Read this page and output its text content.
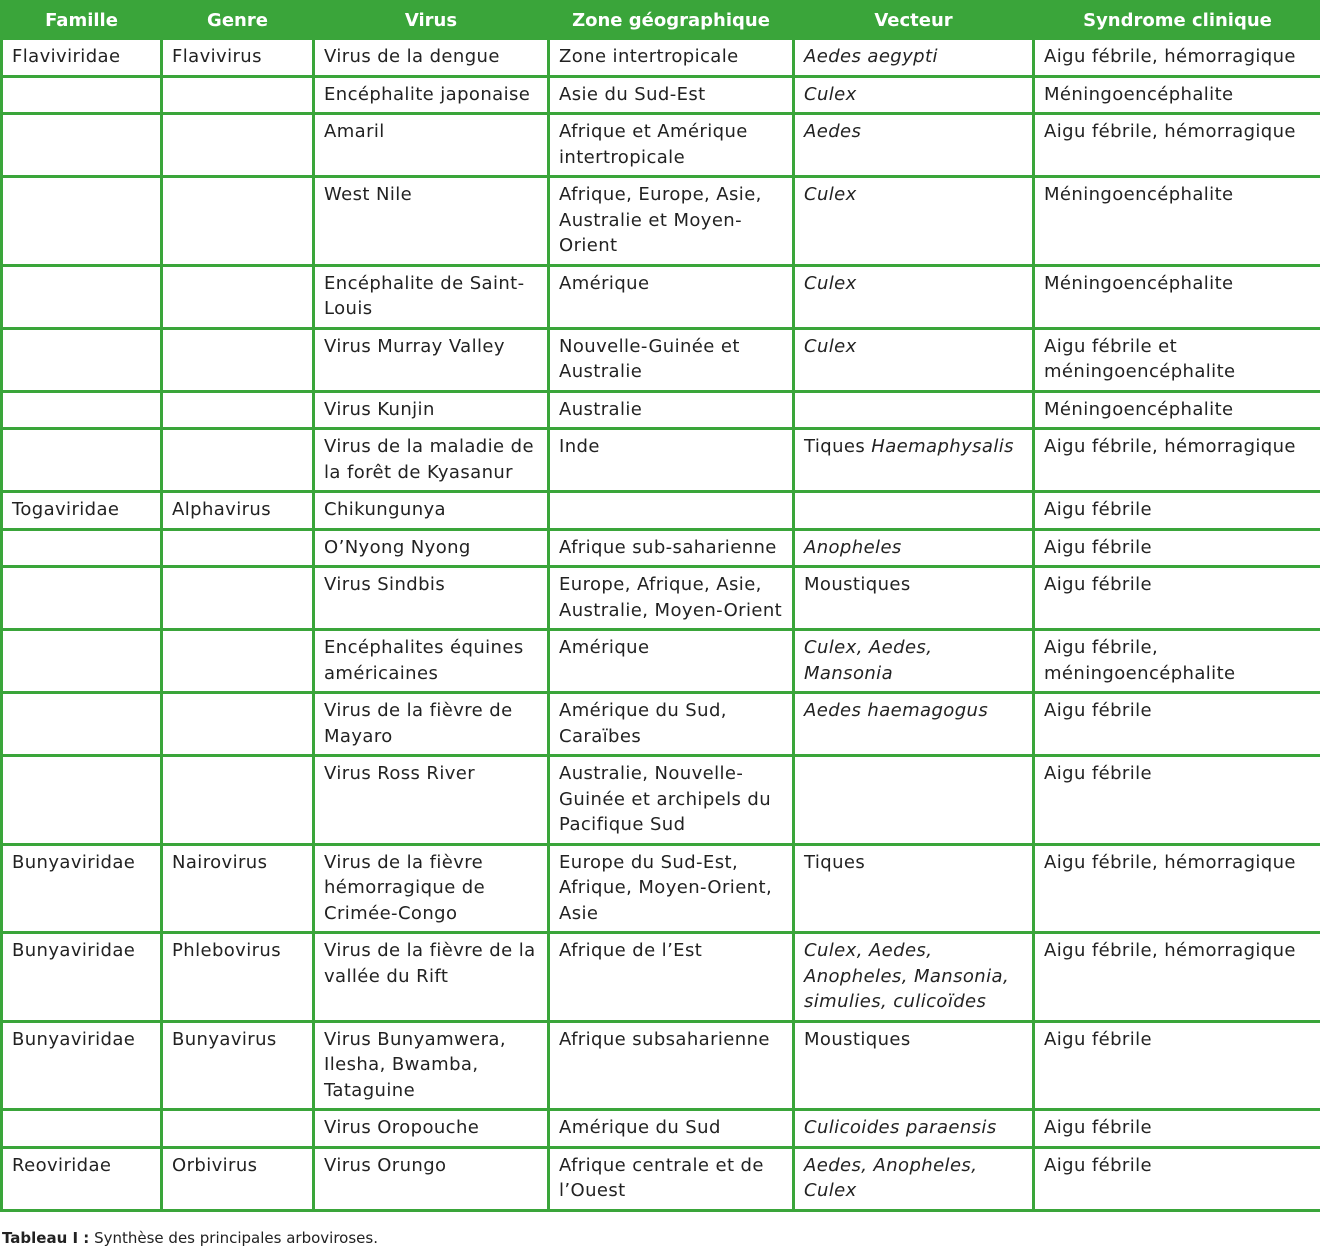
Famille	Genre	Virus	Zone géographique	Vecteur	Syndrome clinique
Flaviviridae	Flavivirus	Virus de la dengue	Zone intertropicale	Aedes aegypti	Aigu fébrile, hémorragique
		Encéphalite japonaise	Asie du Sud-Est	Culex	Méningoencéphalite
		Amaril	Afrique et Amérique intertropicale	Aedes	Aigu fébrile, hémorragique
		West Nile	Afrique, Europe, Asie, Australie et Moyen-Orient	Culex	Méningoencéphalite
		Encéphalite de Saint-Louis	Amérique	Culex	Méningoencéphalite
		Virus Murray Valley	Nouvelle-Guinée et Australie	Culex	Aigu fébrile et méningoencéphalite
		Virus Kunjin	Australie		Méningoencéphalite
		Virus de la maladie de la forêt de Kyasanur	Inde	Tiques Haemaphysalis	Aigu fébrile, hémorragique
Togaviridae	Alphavirus	Chikungunya			Aigu fébrile
		O’Nyong Nyong	Afrique sub-saharienne	Anopheles	Aigu fébrile
		Virus Sindbis	Europe, Afrique, Asie, Australie, Moyen-Orient	Moustiques	Aigu fébrile
		Encéphalites équines américaines	Amérique	Culex, Aedes, Mansonia	Aigu fébrile, méningoencéphalite
		Virus de la fièvre de Mayaro	Amérique du Sud, Caraïbes	Aedes haemagogus	Aigu fébrile
		Virus Ross River	Australie, Nouvelle-Guinée et archipels du Pacifique Sud		Aigu fébrile
Bunyaviridae	Nairovirus	Virus de la fièvre hémorragique de Crimée-Congo	Europe du Sud-Est, Afrique, Moyen-Orient, Asie	Tiques	Aigu fébrile, hémorragique
Bunyaviridae	Phlebovirus	Virus de la fièvre de la vallée du Rift	Afrique de l’Est	Culex, Aedes, Anopheles, Mansonia, simulies, culicoïdes	Aigu fébrile, hémorragique
Bunyaviridae	Bunyavirus	Virus Bunyamwera, Ilesha, Bwamba, Tataguine	Afrique subsaharienne	Moustiques	Aigu fébrile
		Virus Oropouche	Amérique du Sud	Culicoides paraensis	Aigu fébrile
Reoviridae	Orbivirus	Virus Orungo	Afrique centrale et de l’Ouest	Aedes, Anopheles, Culex	Aigu fébrile
Tableau I : Synthèse des principales arboviroses.
